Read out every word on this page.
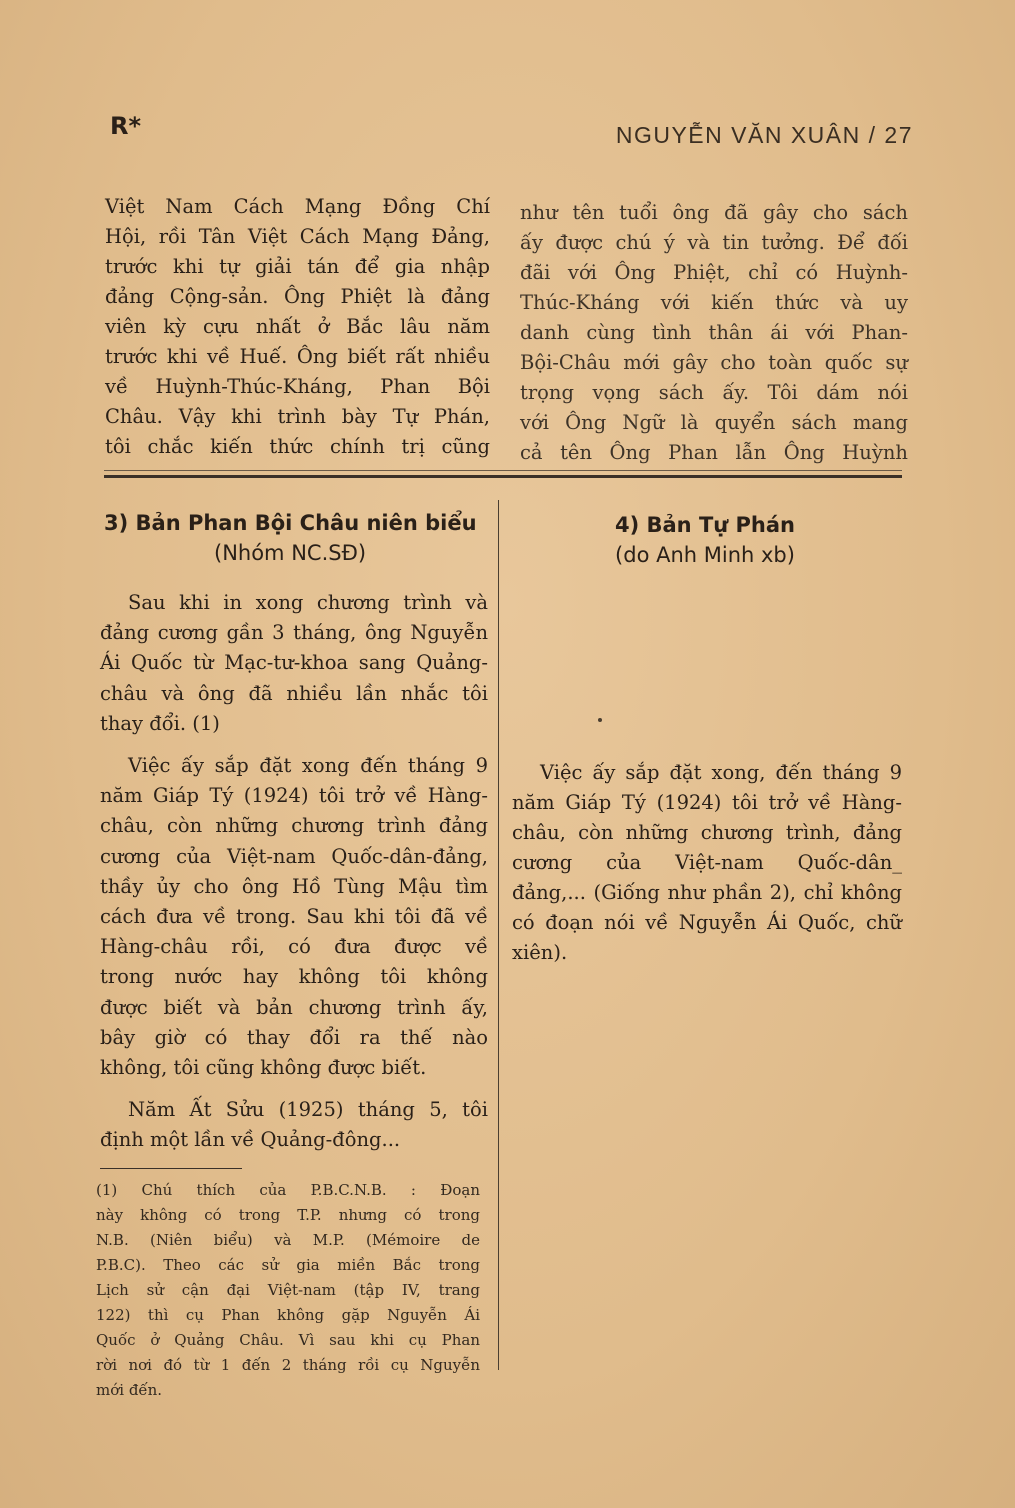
R*	NGUYỄN VĂN XUÂN / 27
Việt Nam Cách Mạng Đồng Chí
Hội, rồi Tân Việt Cách Mạng Đảng,
trước khi tự giải tán để gia nhập
đảng Cộng-sản. Ông Phiệt là đảng
viên kỳ cựu nhất ở Bắc lâu năm
trước khi về Huế. Ông biết rất nhiều
về Huỳnh-Thúc-Kháng, Phan Bội
Châu. Vậy khi trình bày Tự Phán,
tôi chắc kiến thức chính trị cũng
như tên tuổi ông đã gây cho sách
ấy được chú ý và tin tưởng. Để đối
đãi với Ông Phiệt, chỉ có Huỳnh-
Thúc-Kháng với kiến thức và uy
danh cùng tình thân ái với Phan-
Bội-Châu mới gây cho toàn quốc sự
trọng vọng sách ấy. Tôi dám nói
với Ông Ngữ là quyển sách mang
cả tên Ông Phan lẫn Ông Huỳnh
3) Bản Phan Bội Châu niên biểu
(Nhóm NC.SĐ)
4) Bản Tự Phán
(do Anh Minh xb)
Sau khi in xong chương trình và
đảng cương gần 3 tháng, ông Nguyễn
Ái Quốc từ Mạc-tư-khoa sang Quảng-
châu và ông đã nhiều lần nhắc tôi
thay đổi. (1)
Việc ấy sắp đặt xong đến tháng 9
năm Giáp Tý (1924) tôi trở về Hàng-
châu, còn những chương trình đảng
cương của Việt-nam Quốc-dân-đảng,
thầy ủy cho ông Hồ Tùng Mậu tìm
cách đưa về trong. Sau khi tôi đã về
Hàng-châu rồi, có đưa được về
trong nước hay không tôi không
được biết và bản chương trình ấy,
bây giờ có thay đổi ra thế nào
không, tôi cũng không được biết.
Năm Ất Sửu (1925) tháng 5, tôi
định một lần về Quảng-đông...
Việc ấy sắp đặt xong, đến tháng 9
năm Giáp Tý (1924) tôi trở về Hàng-
châu, còn những chương trình, đảng
cương của Việt-nam Quốc-dân_
đảng,... (Giống như phần 2), chỉ không
có đoạn nói về Nguyễn Ái Quốc, chữ
xiên).
(1) Chú thích của P.B.C.N.B. : Đoạn
này không có trong T.P. nhưng có trong
N.B. (Niên biểu) và M.P. (Mémoire de
P.B.C). Theo các sử gia miền Bắc trong
Lịch sử cận đại Việt-nam (tập IV, trang
122) thì cụ Phan không gặp Nguyễn Ái
Quốc ở Quảng Châu. Vì sau khi cụ Phan
rời nơi đó từ 1 đến 2 tháng rồi cụ Nguyễn
mới đến.
